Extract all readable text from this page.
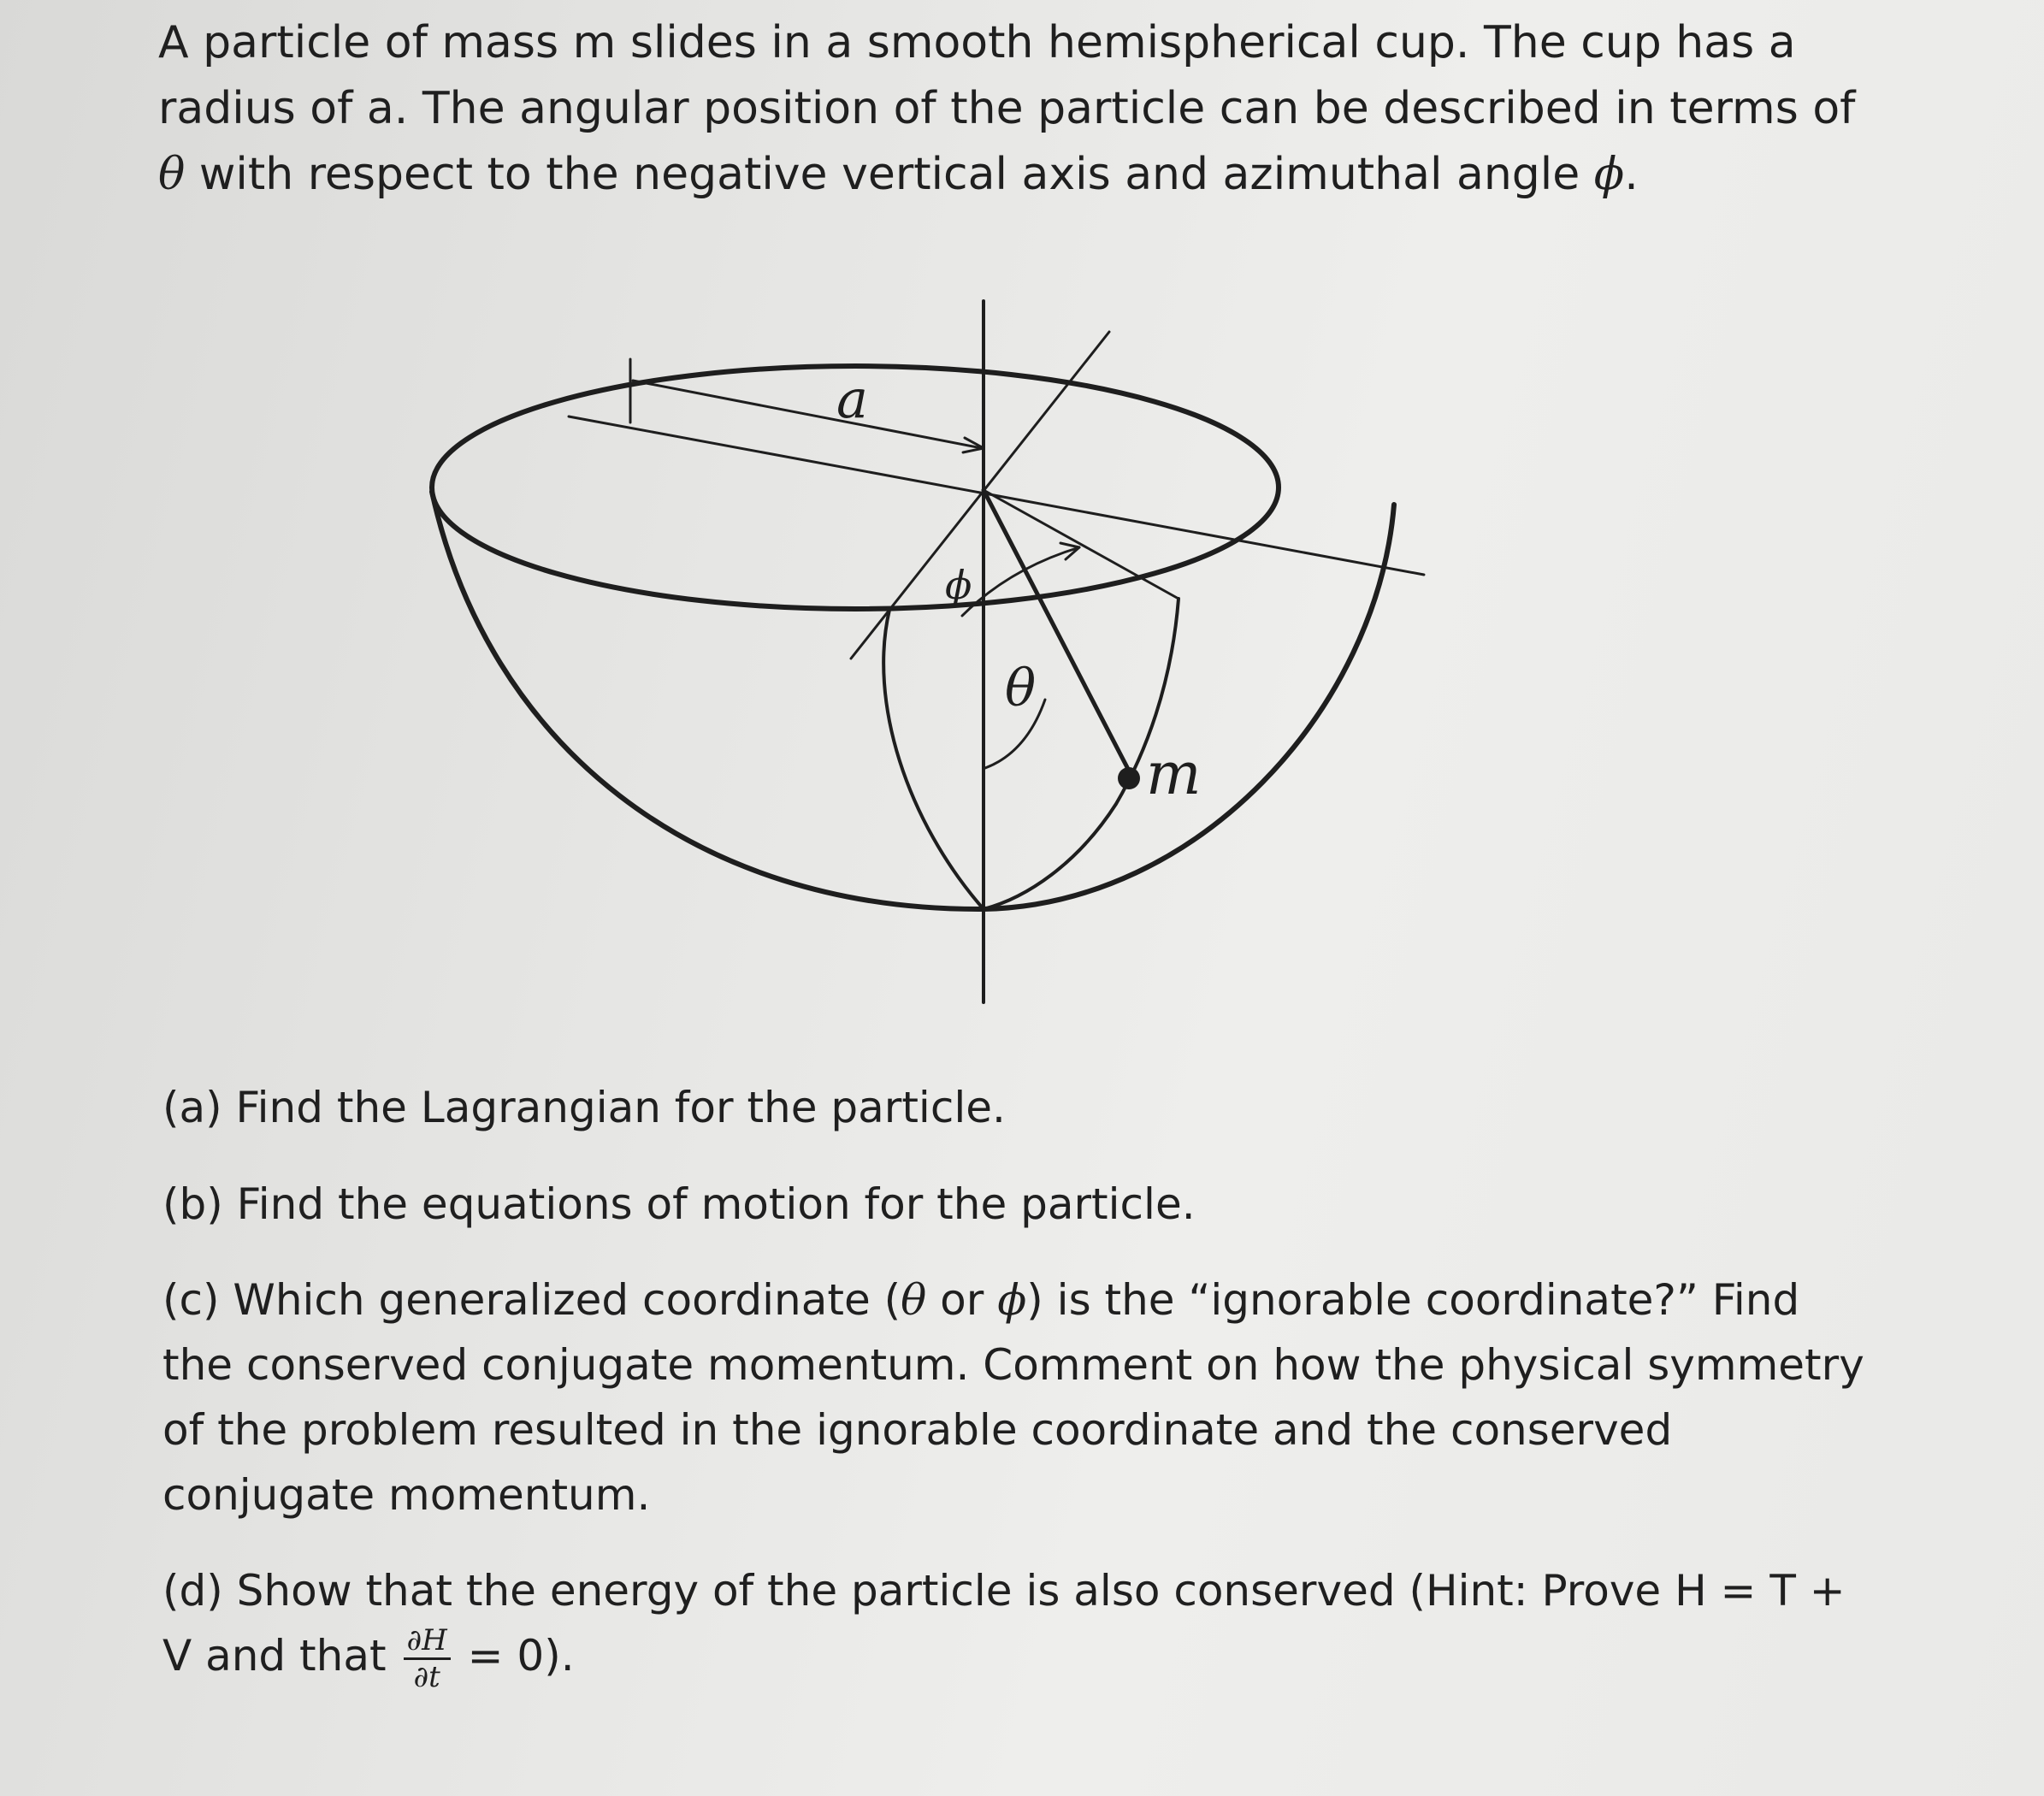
A particle of mass m slides in a smooth hemispherical cup. The cup has a radius of a. The angular position of the particle can be described in terms of θ with respect to the negative vertical axis and azimuthal angle ϕ.

a
ϕ
θ
m

(a) Find the Lagrangian for the particle.

(b) Find the equations of motion for the particle.

(c) Which generalized coordinate (θ or ϕ) is the “ignorable coordinate?” Find the conserved conjugate momentum. Comment on how the physical symmetry of the problem resulted in the ignorable coordinate and the conserved conjugate momentum.

(d) Show that the energy of the particle is also conserved (Hint: Prove H = T + V and that $\frac{\partial H}{\partial t} = 0$).
